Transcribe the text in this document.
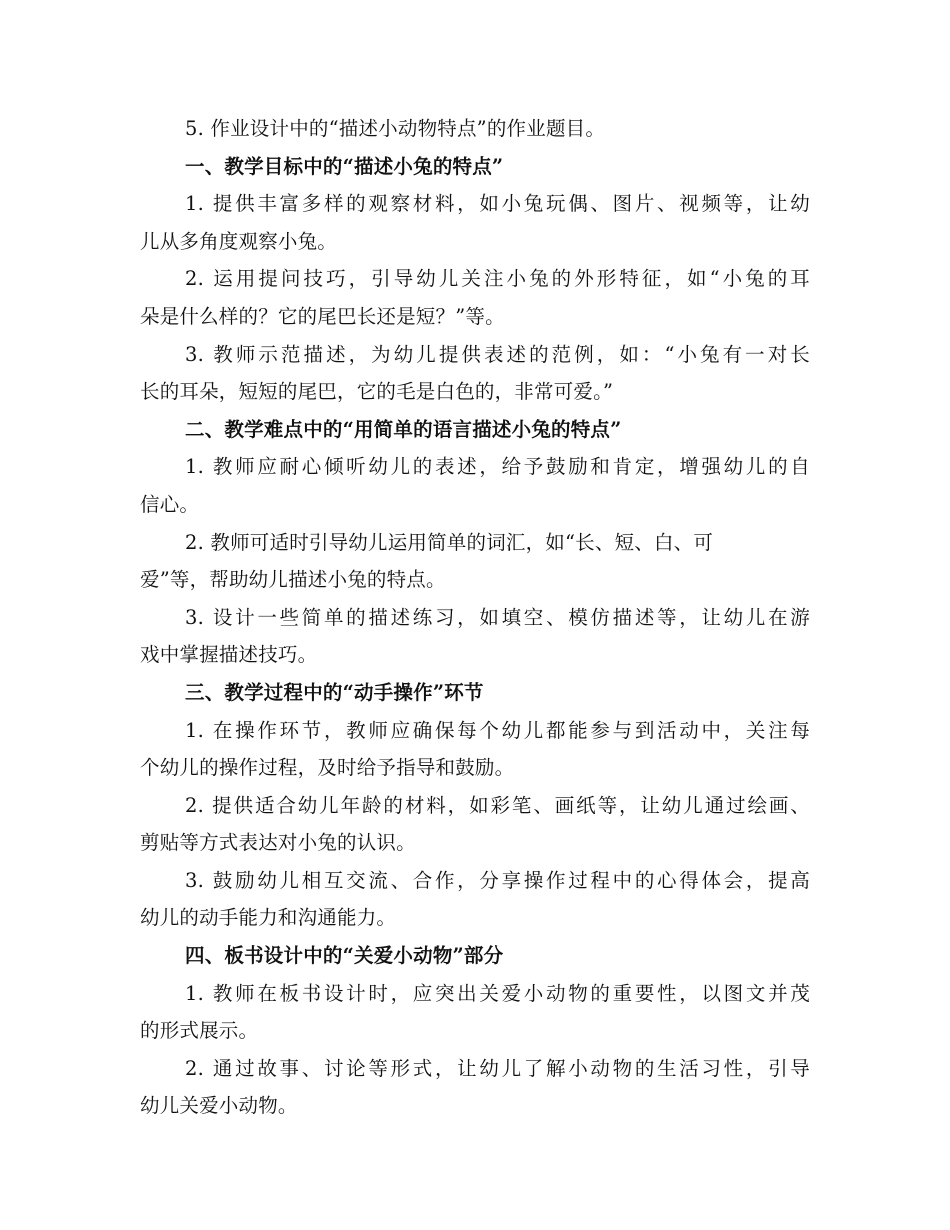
5. 作业设计中的“描述小动物特点”的作业题目。
一、教学目标中的“描述小兔的特点”
1. 提供丰富多样的观察材料，如小兔玩偶、图片、视频等，让幼
儿从多角度观察小兔。
2. 运用提问技巧，引导幼儿关注小兔的外形特征，如“小兔的耳
朵是什么样的？它的尾巴长还是短？”等。
3. 教师示范描述，为幼儿提供表述的范例，如：“小兔有一对长
长的耳朵，短短的尾巴，它的毛是白色的，非常可爱。”
二、教学难点中的“用简单的语言描述小兔的特点”
1. 教师应耐心倾听幼儿的表述，给予鼓励和肯定，增强幼儿的自
信心。
2. 教师可适时引导幼儿运用简单的词汇，如“长、短、白、可
爱”等，帮助幼儿描述小兔的特点。
3. 设计一些简单的描述练习，如填空、模仿描述等，让幼儿在游
戏中掌握描述技巧。
三、教学过程中的“动手操作”环节
1. 在操作环节，教师应确保每个幼儿都能参与到活动中，关注每
个幼儿的操作过程，及时给予指导和鼓励。
2. 提供适合幼儿年龄的材料，如彩笔、画纸等，让幼儿通过绘画、
剪贴等方式表达对小兔的认识。
3. 鼓励幼儿相互交流、合作，分享操作过程中的心得体会，提高
幼儿的动手能力和沟通能力。
四、板书设计中的“关爱小动物”部分
1. 教师在板书设计时，应突出关爱小动物的重要性，以图文并茂
的形式展示。
2. 通过故事、讨论等形式，让幼儿了解小动物的生活习性，引导
幼儿关爱小动物。
